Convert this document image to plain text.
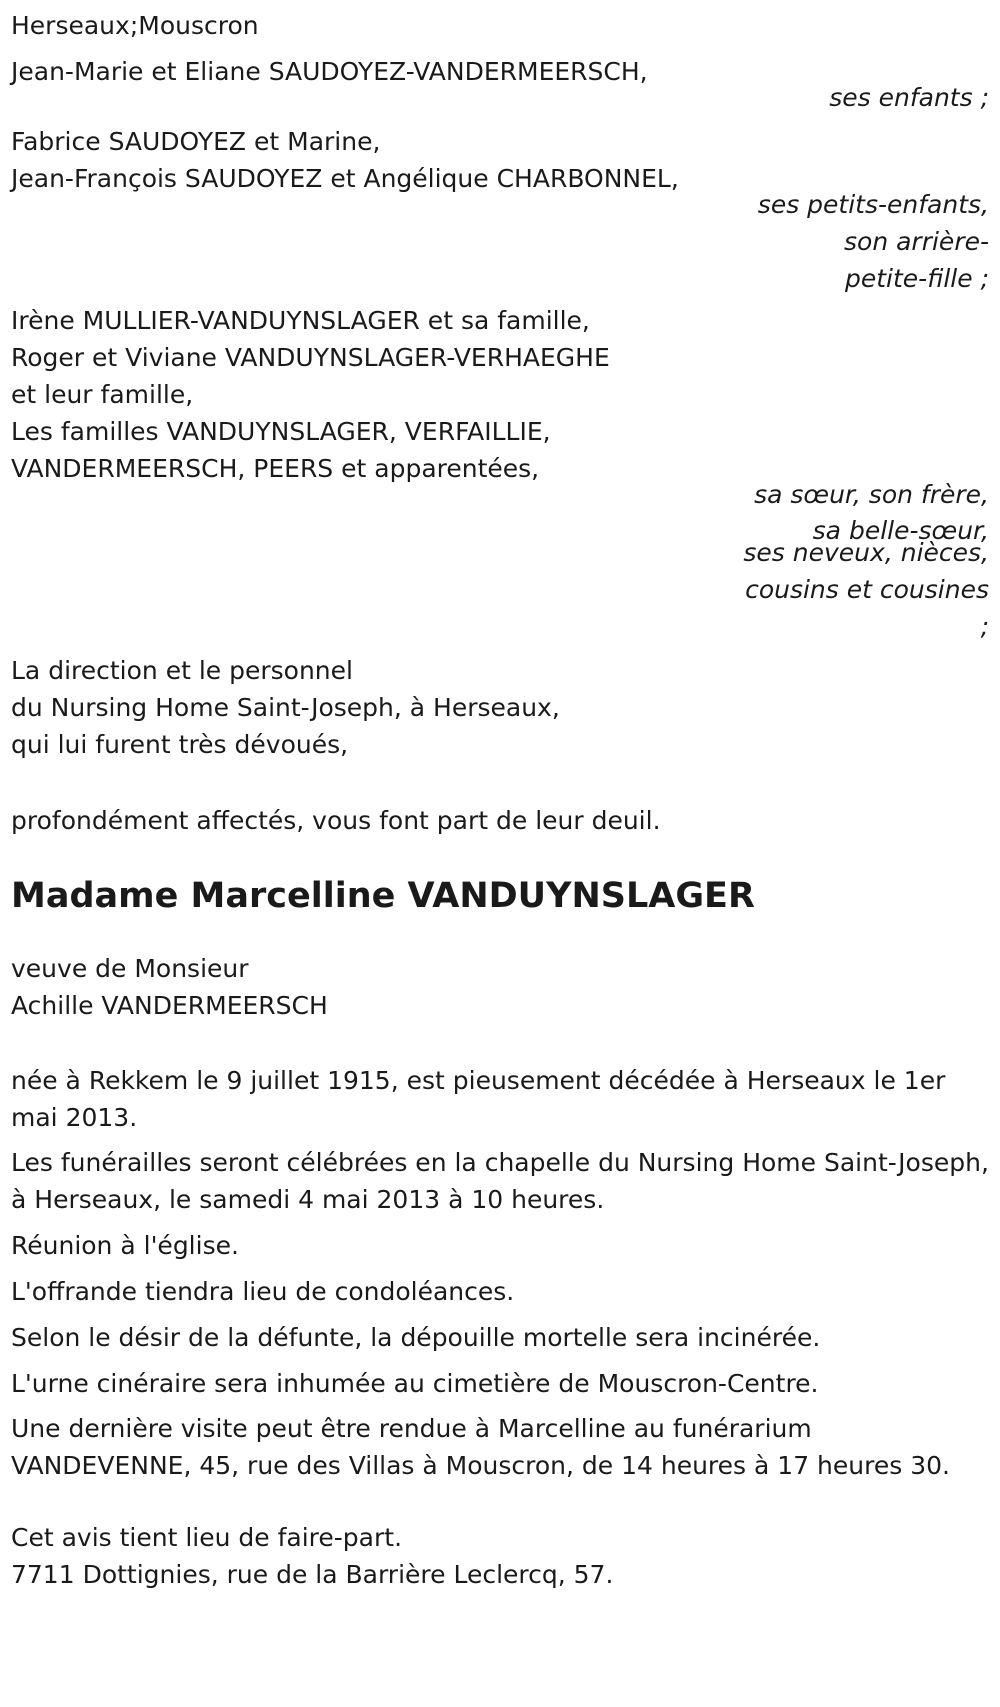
Herseaux;Mouscron
Jean-Marie et Eliane SAUDOYEZ-VANDERMEERSCH,
ses enfants ;
Fabrice SAUDOYEZ et Marine,
Jean-François SAUDOYEZ et Angélique CHARBONNEL,
ses petits-enfants,
son arrière-
petite-fille ;
Irène MULLIER-VANDUYNSLAGER et sa famille,
Roger et Viviane VANDUYNSLAGER-VERHAEGHE
et leur famille,
Les familles VANDUYNSLAGER, VERFAILLIE,
VANDERMEERSCH, PEERS et apparentées,
sa sœur, son frère,
sa belle-sœur,
ses neveux, nièces,
cousins et cousines
;
La direction et le personnel
du Nursing Home Saint-Joseph, à Herseaux,
qui lui furent très dévoués,
profondément affectés, vous font part de leur deuil.
Madame Marcelline VANDUYNSLAGER
veuve de Monsieur
Achille VANDERMEERSCH
née à Rekkem le 9 juillet 1915, est pieusement décédée à Herseaux le 1er mai 2013.
Les funérailles seront célébrées en la chapelle du Nursing Home Saint-Joseph, à Herseaux, le samedi 4 mai 2013 à 10 heures.
Réunion à l'église.
L'offrande tiendra lieu de condoléances.
Selon le désir de la défunte, la dépouille mortelle sera incinérée.
L'urne cinéraire sera inhumée au cimetière de Mouscron-Centre.
Une dernière visite peut être rendue à Marcelline au funérarium VANDEVENNE, 45, rue des Villas à Mouscron, de 14 heures à 17 heures 30.
Cet avis tient lieu de faire-part.
7711 Dottignies, rue de la Barrière Leclercq, 57.
